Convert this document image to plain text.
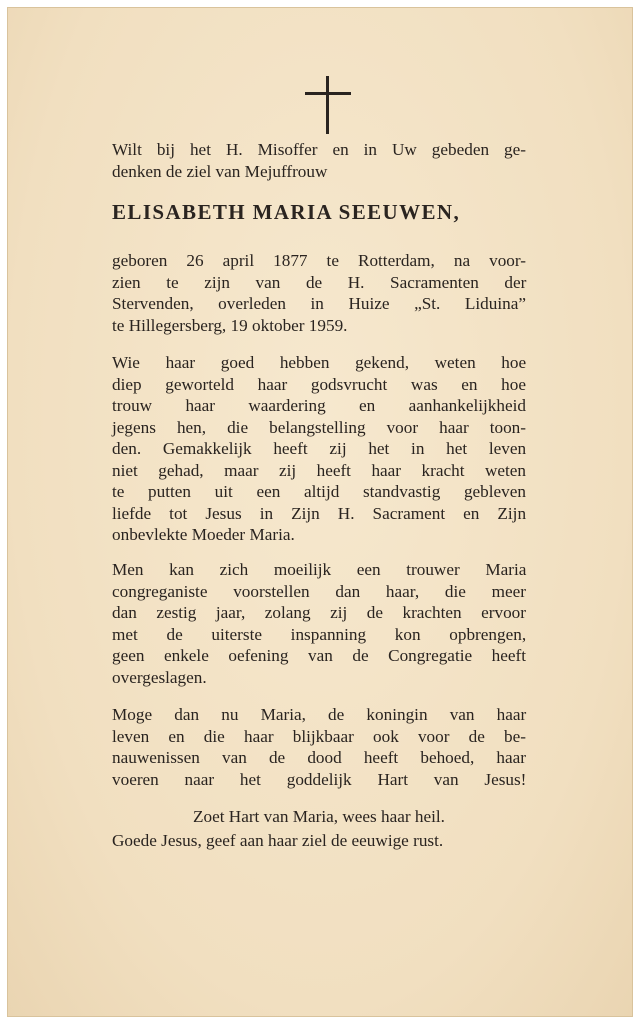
Wilt bij het H. Misoffer en in Uw gebeden ge-
denken de ziel van Mejuffrouw
ELISABETH MARIA SEEUWEN,
geboren 26 april 1877 te Rotterdam, na voor-
zien te zijn van de H. Sacramenten der
Stervenden, overleden in Huize „St. Liduina”
te Hillegersberg, 19 oktober 1959.
Wie haar goed hebben gekend, weten hoe
diep geworteld haar godsvrucht was en hoe
trouw haar waardering en aanhankelijkheid
jegens hen, die belangstelling voor haar toon-
den. Gemakkelijk heeft zij het in het leven
niet gehad, maar zij heeft haar kracht weten
te putten uit een altijd standvastig gebleven
liefde tot Jesus in Zijn H. Sacrament en Zijn
onbevlekte Moeder Maria.
Men kan zich moeilijk een trouwer Maria
congreganiste voorstellen dan haar, die meer
dan zestig jaar, zolang zij de krachten ervoor
met de uiterste inspanning kon opbrengen,
geen enkele oefening van de Congregatie heeft
overgeslagen.
Moge dan nu Maria, de koningin van haar
leven en die haar blijkbaar ook voor de be-
nauwenissen van de dood heeft behoed, haar
voeren naar het goddelijk Hart van Jesus!
Zoet Hart van Maria, wees haar heil.
Goede Jesus, geef aan haar ziel de eeuwige rust.
